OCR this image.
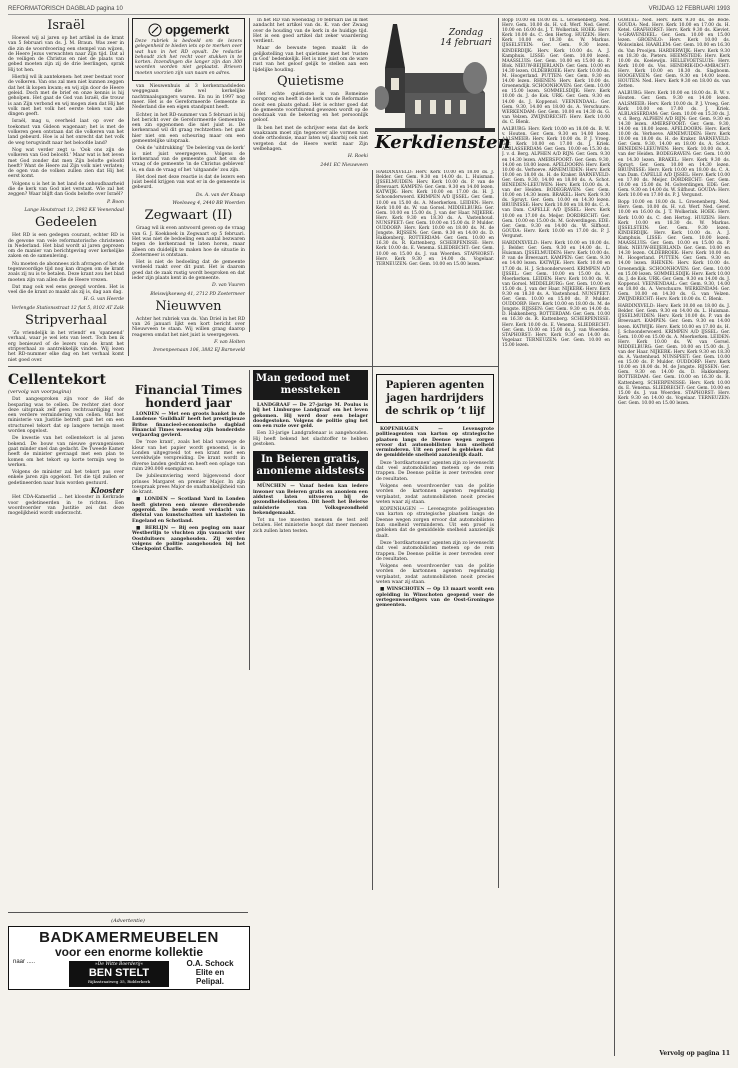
REFORMATORISCH DAGBLAD pagina 10	VRIJDAG 12 FEBRUARI 1993
Israël

Hoewel wij al jaren op het artikel in de krant van 5 februari van ds. J. M. Braun. Was zeer in die zin de woordvoering een stempel van wijzen, de Heere Jezus verwachten naar Zijn tijd. Dat al de veiligen de Christus en niet de plaats van gebed moeten zijn zij de drie leerlingen, sprak Hij tot hen.

Hierbij wil ik aantekenen: het zeer bestaat voor de volkeren. Van ons zal men niet kunnen zeggen dat het ik kopen kwam; en wij zijn door de Heere geleid. Doch met de brief en onze kennis is hij geholpen. Het gaat de God van Israël, die trouw is aan Zijn verbond en wij mogen zien dat Hij het volk met het volk het eerste teken van alle dingen geeft.

Israël, mag u, overheid laat op over de toekomst van Gideon wagenaar; het is met de volkeren geen ontstaan dat die volkeren van het land gebeurd. Hoe is al het onrecht dat het volk de weg terugvindt naar het beloofde land?

Nog wat verder zegt u: ‘Ook ons zijn de volkeren van God beloofd.’ Maar wat is het leven met God zonder dat men Zijn belofte geloofd heeft? Want de Heere zal Zijn volk niet verlaten; de ogen van de volken zullen zien dat Hij het eerst komt.

Volgens u is het in het land de onhoudbaarheid die de kerk van God niet verstaat. Wie zal het zeggen? Waar blijft dan Gods belofte over Israël?

P. Boon

Lange Houtstraat 13, 2982 KE Veenendaal

Gedeelen

Het RD is een gedegen courant, echter RD is de gewone van vele reformatorische christenen in Nederland. Het blad wordt al jaren geprezen om de manier van berichtgeving over kerkelijke zaken en de samenleving.

Nu moeten de abonnees zich afvragen of het de tegenwoordige tijd nog kan dragen om de krant zoals zij nu is te betalen. Deze krant zou het blad moeten zijn van allen die de Heere vrezen.

Dat mag ook wel eens gezegd worden. Het is veel die de krant zo maakt als zij is, dag aan dag.

H. G. van Heerde

Verlengde Stationsstraat 12 flat 5, 8102 AT Zalk

Stripverhaal

‘Zo vriendelijk in het vriendt’ en ‘spannend’ verhaal, waar je wel iets van leert. Toch ben ik erg benieuwd of de lezers van de krant het stripverhaal zo aantrekkelijk vinden. Wij lezen het RD-nummer elke dag en het verhaal komt niet goed over.

opgemerkt

Deze rubriek is bedoeld om de lezers gelegenheid te bieden iets op te merken over wat hun in het RD opvalt. De redactie behoudt zich het recht voor stukken in te korten. Inzendingen die langer zijn dan 300 woorden worden niet geplaatst. Brieven moeten voorzien zijn van naam en adres.

van Nieuwenhuis al 3 kerkenraadsleden weggegaan die wel kerkelijke nachtmaalsgangers waren. En nu in 1997 nog meer. Het is de Gereformeerde Gemeente in Nederland die een eigen standpunt heeft.

Echter, in het RD-nummer van 5 februari is bij het bericht over de Gereformeerde Gemeenten een zin opgenomen die niet juist is. De kerkenraad wil dit graag rechtzetten: het gaat hier niet om een scheuring maar om een gemeentelijke uitspraak.

Ook de ‘uitdrukking’ ‘De beleving van de kerk’ is niet juist weergegeven. Volgens de kerkenraad van de gemeente gaat het om de vraag of de gemeente ‘in de Christus gebleven’ is, en dan de vraag of het ‘uitgaande’ zou zijn.

Het doel met deze reactie is dat de lezers een juist beeld krijgen van wat er in de gemeente is gebeurd.

Ds. A. van der Knaap

Woelsweg 4, 2440 BB Woerden

Zegwaart (II)

Graag wil ik even antwoord geven op de vraag van G. J. Koekkoek in Zegwaart op 5 februari. Het was niet de bedoeling een aantal bezwaren tegen de kerkenraad te laten horen, maar alleen om duidelijk te maken hoe de situatie in Zoetermeer is ontstaan.

Het is niet de bedoeling dat de gemeente verdeeld raakt over dit punt. Het is daarom goed dat de zaak rustig wordt besproken en dat ieder zijn plaats kent in de gemeente.

D. van Vuuren

Bleiswijkseweg 41, 2712 PD Zoetermeer

Nieuwven

Achter het rubriek van ds. Van Driel in het RD van 26 januari lijkt een kort bericht over Nieuwveen te staan. Wij willen graag daarop reageren omdat het niet juist is weergegeven.

F. van Holten

Irenenpeenaan 106, 3882 EJ Barneveld

In het RD van woensdag 10 februari las ik met aandacht het artikel van ds. K. van der Zwaag over de houding van de kerk in de huidige tijd. Het is een goed artikel dat zeker waardering verdient.

Maar de bewuste tegen maakt ik de gelijkstelling van het quietisme met het ‘rusten in God’ bedenkelijk. Het is niet juist om de ware rust van het geloof gelijk te stellen aan een lijdelijke houding.

Quietisme

Het echte quietisme is van Romeinse oorsprong en heeft in de kerk van de Reformatie nooit een plaats gehad. Het is echter goed dat de gemeente voortdurend gewezen wordt op de noodzaak van de bekering en het persoonlijk geloof.

Ik ben het met de schrijver eens dat de kerk waakzaam moet zijn tegenover alle vormen van dode orthodoxie, maar laten wij daarbij ook niet vergeten dat de Heere werkt naar Zijn welbehagen.

H. Roeki

2441 EC Nieuwveen

Zondag
14 februari
Kerkdiensten

HARDINXVELD: Herv. Kerk 10.00 en 18.00 ds. J. Belder. Ger. Gem. 9.30 en 14.00 ds. L. Huisman. IJSSELMUIDEN: Herv. Kerk 10.00 ds. P. van de Breevaart. KAMPEN: Ger. Gem. 9.30 en 14.00 lezen. KATWIJK: Herv. Kerk 10.00 en 17.00 ds. H. J. Schoonderwoerd. KRIMPEN A/D IJSSEL: Ger. Gem. 10.00 en 15.00 ds. A. Moerkerken. LEIDEN: Herv. Kerk 10.00 ds. W. van Gorsel. MIDDELBURG: Ger. Gem. 10.00 en 15.00 ds. J. van der Haar. NIJKERK: Herv. Kerk 9.30 en 18.30 ds. A. Vastenhoud. NUNSPEET: Ger. Gem. 10.00 en 15.00 ds. P. Mulder. OUDDORP: Herv. Kerk 10.00 en 18.00 ds. M. de Jongste. RIJSSEN: Ger. Gem. 9.30 en 14.00 ds. D. Hakkenberg. ROTTERDAM: Ger. Gem. 10.00 en 16.30 ds. R. Kattenberg. SCHERPENISSE: Herv. Kerk 10.00 ds. E. Venema. SLIEDRECHT: Ger. Gem. 10.00 en 15.00 ds. J. van Woerden. STAPHORST: Herv. Kerk 9.30 en 14.00 ds. Vogelaar. TERNEUZEN: Ger. Gem. 10.00 en 15.00 lezen.

Bopp 10.00 en 18.00 ds. L. Groenenberg. Ned. Herv. Gem. 10.00 ds. H. v.d. Werf. Ned. Geref. 10.00 en 16.00 ds. J. T. Wolkerink. HOEK: Herv. Kerk 10.00 ds. C. den Hertog. HUIZEN: Herv. Kerk 10.00 en 18.30 ds. W. Markus. IJSSELSTEIN: Ger. Gem. 9.30 lezen. KINDERDIJK: Herv. Kerk 10.00 ds. A. J. Kamphuis. LISSE: Ger. Gem. 10.00 lezen. MAASSLUIS: Ger. Gem. 10.00 en 15.00 ds. P. Blok. NIEUW-BEIJERLAND: Ger. Gem. 10.00 en 14.30 lezen. OLDEBROEK: Herv. Kerk 10.00 ds. M. Hoogerland. PUTTEN: Ger. Gem. 9.30 en 14.00 lezen. RHENEN: Herv. Kerk 10.00 ds. Groenendijk. SCHOONHOVEN: Ger. Gem. 10.00 en 15.00 lezen. SOMMELSDIJK: Herv. Kerk 10.00 ds. J. de Kok. URK: Ger. Gem. 9.30 en 14.00 ds. J. Koppenol. VEENENDAAL: Ger. Gem. 9.30, 14.00 en 18.00 ds. A. Verschuure. WERKENDAM: Ger. Gem. 10.00 en 14.30 ds. G. van Velzen. ZWIJNDRECHT: Herv. Kerk 10.00 ds. C. Blenk.

AALBURG: Herv. Kerk 10.00 en 18.00 ds. B. W. v. Houten. Ger. Gem. 9.30 en 14.00 lezen. AALSMEER: Herv. Kerk 10.00 ds. P. J. Vroeg. Ger. Kerk 10.00 en 17.00 ds. J. Kriek. ALBLASSERDAM: Ger. Gem. 10.00 en 15.30 ds. J. v. d. Berg. ALPHEN A/D RIJN: Ger. Gem. 9.30 en 14.30 lezen. AMERSFOORT: Ger. Gem. 9.30, 14.00 en 18.00 lezen. APELDOORN: Herv. Kerk 10.00 ds. Verhoeve. ARNEMUIDEN: Herv. Kerk 10.00 en 18.00 ds. H. de Kraker. BARNEVELD: Ger. Gem. 9.30, 14.00 en 18.00 ds. A. Schot. BENEDEN-LEEUWEN: Herv. Kerk 10.00 ds. A. van der Heiden. BODEGRAVEN: Ger. Gem. 10.00 en 14.30 lezen. BRAKEL: Herv. Kerk 9.30 ds. Spruyt. Ger. Gem. 10.00 en 14.30 lezen. BRUINISSE: Herv. Kerk 10.00 en 18.00 ds. C. A. van Dam. CAPELLE A/D IJSSEL: Herv. Kerk 10.00 en 17.00 ds. Meijer. DORDRECHT: Ger. Gem. 10.00 en 15.00 ds. M. Golverdingen. EDE: Ger. Gem. 9.30 en 14.00 ds. W. Silfhout. GOUDA: Herv. Kerk 10.00 en 17.00 ds. P. J. Vergunst.

HARDINXVELD: Herv. Kerk 10.00 en 18.00 ds. J. Belder. Ger. Gem. 9.30 en 14.00 ds. L. Huisman. IJSSELMUIDEN: Herv. Kerk 10.00 ds. P. van de Breevaart. KAMPEN: Ger. Gem. 9.30 en 14.00 lezen. KATWIJK: Herv. Kerk 10.00 en 17.00 ds. H. J. Schoonderwoerd. KRIMPEN A/D IJSSEL: Ger. Gem. 10.00 en 15.00 ds. A. Moerkerken. LEIDEN: Herv. Kerk 10.00 ds. W. van Gorsel. MIDDELBURG: Ger. Gem. 10.00 en 15.00 ds. J. van der Haar. NIJKERK: Herv. Kerk 9.30 en 18.30 ds. A. Vastenhoud. NUNSPEET: Ger. Gem. 10.00 en 15.00 ds. P. Mulder. OUDDORP: Herv. Kerk 10.00 en 18.00 ds. M. de Jongste. RIJSSEN: Ger. Gem. 9.30 en 14.00 ds. D. Hakkenberg. ROTTERDAM: Ger. Gem. 10.00 en 16.30 ds. R. Kattenberg. SCHERPENISSE: Herv. Kerk 10.00 ds. E. Venema. SLIEDRECHT: Ger. Gem. 10.00 en 15.00 ds. J. van Woerden. STAPHORST: Herv. Kerk 9.30 en 14.00 ds. Vogelaar. TERNEUZEN: Ger. Gem. 10.00 en 15.00 lezen.

GORTEL: Ned. Herv. Kerk 9.30 ds. de Bode. GOUDA: Ned. Herv. Kerk 10.00 en 17.00 ds. H. Ketel. GRAFHORST: Herv. Kerk 9.30 ds. Kieviet. 's-GRAVENDEEL: Ger. Gem. 10.00 en 15.00 lezen. GROENLO: Herv. Kerk 10.00 ds. Wolswinkel. HAARLEM: Ger. Gem. 10.00 en 16.30 ds. Van Prooijen. HARDERWIJK: Herv. Kerk 9.30 en 18.30 ds. Pieters. HEEMSTEDE: Herv. Kerk 10.00 ds. Koelewijn. HELLEVOETSLUIS: Herv. Kerk 10.00 ds. Vos. HENDRIK-IDO-AMBACHT: Herv. Kerk 10.00 en 18.30 ds. Slagboom. HOOGEVEEN: Ger. Gem. 9.30 en 14.00 lezen. HOUTEN: Ned. Herv. Kerk 9.30 en 18.00 ds. van Zetten.

AALBURG: Herv. Kerk 10.00 en 18.00 ds. B. W. v. Houten. Ger. Gem. 9.30 en 14.00 lezen. AALSMEER: Herv. Kerk 10.00 ds. P. J. Vroeg. Ger. Kerk 10.00 en 17.00 ds. J. Kriek. ALBLASSERDAM: Ger. Gem. 10.00 en 15.30 ds. J. v. d. Berg. ALPHEN A/D RIJN: Ger. Gem. 9.30 en 14.30 lezen. AMERSFOORT: Ger. Gem. 9.30, 14.00 en 18.00 lezen. APELDOORN: Herv. Kerk 10.00 ds. Verhoeve. ARNEMUIDEN: Herv. Kerk 10.00 en 18.00 ds. H. de Kraker. BARNEVELD: Ger. Gem. 9.30, 14.00 en 18.00 ds. A. Schot. BENEDEN-LEEUWEN: Herv. Kerk 10.00 ds. A. van der Heiden. BODEGRAVEN: Ger. Gem. 10.00 en 14.30 lezen. BRAKEL: Herv. Kerk 9.30 ds. Spruyt. Ger. Gem. 10.00 en 14.30 lezen. BRUINISSE: Herv. Kerk 10.00 en 18.00 ds. C. A. van Dam. CAPELLE A/D IJSSEL: Herv. Kerk 10.00 en 17.00 ds. Meijer. DORDRECHT: Ger. Gem. 10.00 en 15.00 ds. M. Golverdingen. EDE: Ger. Gem. 9.30 en 14.00 ds. W. Silfhout. GOUDA: Herv. Kerk 10.00 en 17.00 ds. P. J. Vergunst.

Bopp 10.00 en 18.00 ds. L. Groenenberg. Ned. Herv. Gem. 10.00 ds. H. v.d. Werf. Ned. Geref. 10.00 en 16.00 ds. J. T. Wolkerink. HOEK: Herv. Kerk 10.00 ds. C. den Hertog. HUIZEN: Herv. Kerk 10.00 en 18.30 ds. W. Markus. IJSSELSTEIN: Ger. Gem. 9.30 lezen. KINDERDIJK: Herv. Kerk 10.00 ds. A. J. Kamphuis. LISSE: Ger. Gem. 10.00 lezen. MAASSLUIS: Ger. Gem. 10.00 en 15.00 ds. P. Blok. NIEUW-BEIJERLAND: Ger. Gem. 10.00 en 14.30 lezen. OLDEBROEK: Herv. Kerk 10.00 ds. M. Hoogerland. PUTTEN: Ger. Gem. 9.30 en 14.00 lezen. RHENEN: Herv. Kerk 10.00 ds. Groenendijk. SCHOONHOVEN: Ger. Gem. 10.00 en 15.00 lezen. SOMMELSDIJK: Herv. Kerk 10.00 ds. J. de Kok. URK: Ger. Gem. 9.30 en 14.00 ds. J. Koppenol. VEENENDAAL: Ger. Gem. 9.30, 14.00 en 18.00 ds. A. Verschuure. WERKENDAM: Ger. Gem. 10.00 en 14.30 ds. G. van Velzen. ZWIJNDRECHT: Herv. Kerk 10.00 ds. C. Blenk.

HARDINXVELD: Herv. Kerk 10.00 en 18.00 ds. J. Belder. Ger. Gem. 9.30 en 14.00 ds. L. Huisman. IJSSELMUIDEN: Herv. Kerk 10.00 ds. P. van de Breevaart. KAMPEN: Ger. Gem. 9.30 en 14.00 lezen. KATWIJK: Herv. Kerk 10.00 en 17.00 ds. H. J. Schoonderwoerd. KRIMPEN A/D IJSSEL: Ger. Gem. 10.00 en 15.00 ds. A. Moerkerken. LEIDEN: Herv. Kerk 10.00 ds. W. van Gorsel. MIDDELBURG: Ger. Gem. 10.00 en 15.00 ds. J. van der Haar. NIJKERK: Herv. Kerk 9.30 en 18.30 ds. A. Vastenhoud. NUNSPEET: Ger. Gem. 10.00 en 15.00 ds. P. Mulder. OUDDORP: Herv. Kerk 10.00 en 18.00 ds. M. de Jongste. RIJSSEN: Ger. Gem. 9.30 en 14.00 ds. D. Hakkenberg. ROTTERDAM: Ger. Gem. 10.00 en 16.30 ds. R. Kattenberg. SCHERPENISSE: Herv. Kerk 10.00 ds. E. Venema. SLIEDRECHT: Ger. Gem. 10.00 en 15.00 ds. J. van Woerden. STAPHORST: Herv. Kerk 9.30 en 14.00 ds. Vogelaar. TERNEUZEN: Ger. Gem. 10.00 en 15.00 lezen.

Vervolg op pagina 11
Cellentekort
(vervolg van voorpagina)

Dat aangesproken zijn voor de Hof de besparing was te cellen. De rechter ziet door deze uitspraak zelf geen rechtvaardiging voor een verdere vermindering van cellen. Wat het ministerie van Justitie betreft gaat het om een structureel tekort dat op langere termijn moet worden opgelost.

De kwestie van het cellentekort is al jaren bekend. De bouw van nieuwe gevangenissen gaat minder snel dan gedacht. De Tweede Kamer heeft de minister gevraagd met een plan te komen om het tekort op korte termijn weg te werken.

Volgens de minister zal het tekort pas over enkele jaren zijn opgelost. Tot die tijd zullen er gedetineerden naar huis worden gestuurd.

Klooster

Het CDA-Kamerlid ... het klooster in Kerkrade voor gedetineerden in te richten. Een woordvoerder van Justitie zei dat deze mogelijkheid wordt onderzocht.

Financial Times
honderd jaar

LONDEN — Met een groots banket in de Londense ‘Guildhall’ heeft het prestigieuze Britse financieel-economische dagblad Financial Times woensdag zijn honderdste verjaardag gevierd.

De ‘roze krant’, zoals het blad vanwege de kleur van het papier wordt genoemd, is in Londen uitgegroeid tot een krant met een wereldwijde verspreiding. De krant wordt in diverse landen gedrukt en heeft een oplage van ruim 290.000 exemplaren.

De jubileumviering werd bijgewoond door prinses Margaret en premier Major. In zijn toespraak prees Major de onafhankelijkheid van de krant.

■ LONDEN — Scotland Yard in Londen heeft gisteren een nieuwe dievenbende opgerold. De bende werd verdacht van diefstal van kunstschatten uit kastelen in Engeland en Schotland.

■ BERLIJN — Bij een poging om naar Westberlijn te vluchten zijn vannacht vier Oostduitsers aangehouden. Zij werden volgens de politie aangehouden bij het Checkpoint Charlie.

Man gedood met
messteken

LANDGRAAF — De 27-jarige M. Poulus is bij het Limburgse Landgraaf om het leven gekomen. Hij werd door een belager doodgestoken. Volgens de politie ging het om een ruzie over geld.

Een 33-jarige Landgrafenaar is aangehouden. Hij heeft bekend het slachtoffer te hebben gestoken.

In Beieren gratis,
anonieme aidstests

MÜNCHEN — Vanaf heden kan iedere inwoner van Beieren gratis en anoniem een aidstest laten uitvoeren bij de gezondheidsdiensten. Dit heeft het Beierse ministerie van Volksgezondheid bekendgemaakt.

Tot nu toe moesten mensen de test zelf betalen. Het ministerie hoopt dat meer mensen zich zullen laten testen.

Papieren agenten
jagen hardrijders
de schrik op ’t lijf

KOPENHAGEN — Levensgrote politieagenten van karton op strategische plaatsen langs de Deense wegen zorgen ervoor dat automobilisten hun snelheid verminderen. Uit een proef is gebleken dat de gemiddelde snelheid aanzienlijk daalt.

Deze ‘bordkartonnen’ agenten zijn zo levensecht dat veel automobilisten meteen op de rem trappen. De Deense politie is zeer tevreden over de resultaten.

Volgens een woordvoerder van de politie worden de kartonnen agenten regelmatig verplaatst, zodat automobilisten nooit precies weten waar zij staan.

KOPENHAGEN — Levensgrote politieagenten van karton op strategische plaatsen langs de Deense wegen zorgen ervoor dat automobilisten hun snelheid verminderen. Uit een proef is gebleken dat de gemiddelde snelheid aanzienlijk daalt.

Deze ‘bordkartonnen’ agenten zijn zo levensecht dat veel automobilisten meteen op de rem trappen. De Deense politie is zeer tevreden over de resultaten.

Volgens een woordvoerder van de politie worden de kartonnen agenten regelmatig verplaatst, zodat automobilisten nooit precies weten waar zij staan.

■ WINSCHOTEN — Op 13 maart wordt een opleiding in Winschoten geopend voor de vertegenwoordigers van de Oost-Groningse gemeenten.

(Advertentie)
BADKAMERMEUBELEN
voor een enorme kollektie
naar .....	»De Witte Boerderij«
BEN STELT
Rijksstraatweg 35, Ridderkerk
O.A. Schock
Elite en
Pelipal.
